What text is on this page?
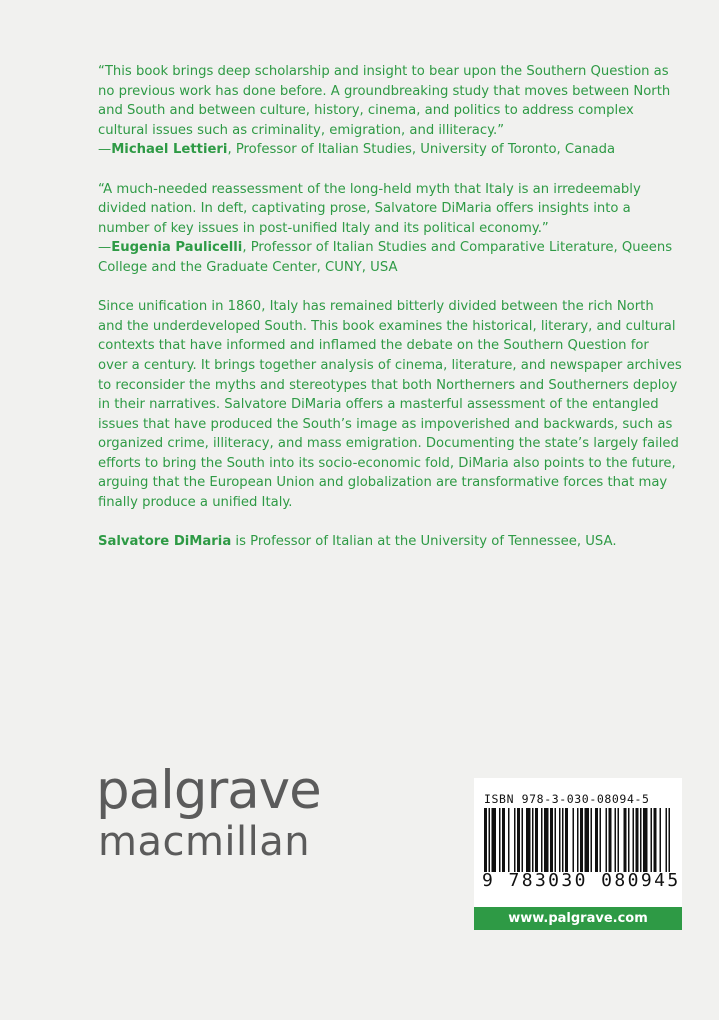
“This book brings deep scholarship and insight to bear upon the Southern Question as no previous work has done before. A groundbreaking study that moves between North and South and between culture, history, cinema, and politics to address complex cultural issues such as criminality, emigration, and illiteracy.”
—Michael Lettieri, Professor of Italian Studies, University of Toronto, Canada

“A much-needed reassessment of the long-held myth that Italy is an irredeemably divided nation. In deft, captivating prose, Salvatore DiMaria offers insights into a number of key issues in post-unified Italy and its political economy.”
—Eugenia Paulicelli, Professor of Italian Studies and Comparative Literature, Queens College and the Graduate Center, CUNY, USA

Since unification in 1860, Italy has remained bitterly divided between the rich North and the underdeveloped South. This book examines the historical, literary, and cultural contexts that have informed and inflamed the debate on the Southern Question for over a century. It brings together analysis of cinema, literature, and newspaper archives to reconsider the myths and stereotypes that both Northerners and Southerners deploy in their narratives. Salvatore DiMaria offers a masterful assessment of the entangled issues that have produced the South’s image as impoverished and backwards, such as organized crime, illiteracy, and mass emigration. Documenting the state’s largely failed efforts to bring the South into its socio-economic fold, DiMaria also points to the future, arguing that the European Union and globalization are transformative forces that may finally produce a unified Italy.

Salvatore DiMaria is Professor of Italian at the University of Tennessee, USA.

palgrave
macmillan
ISBN 978-3-030-08094-5
9 783030 080945
www.palgrave.com
